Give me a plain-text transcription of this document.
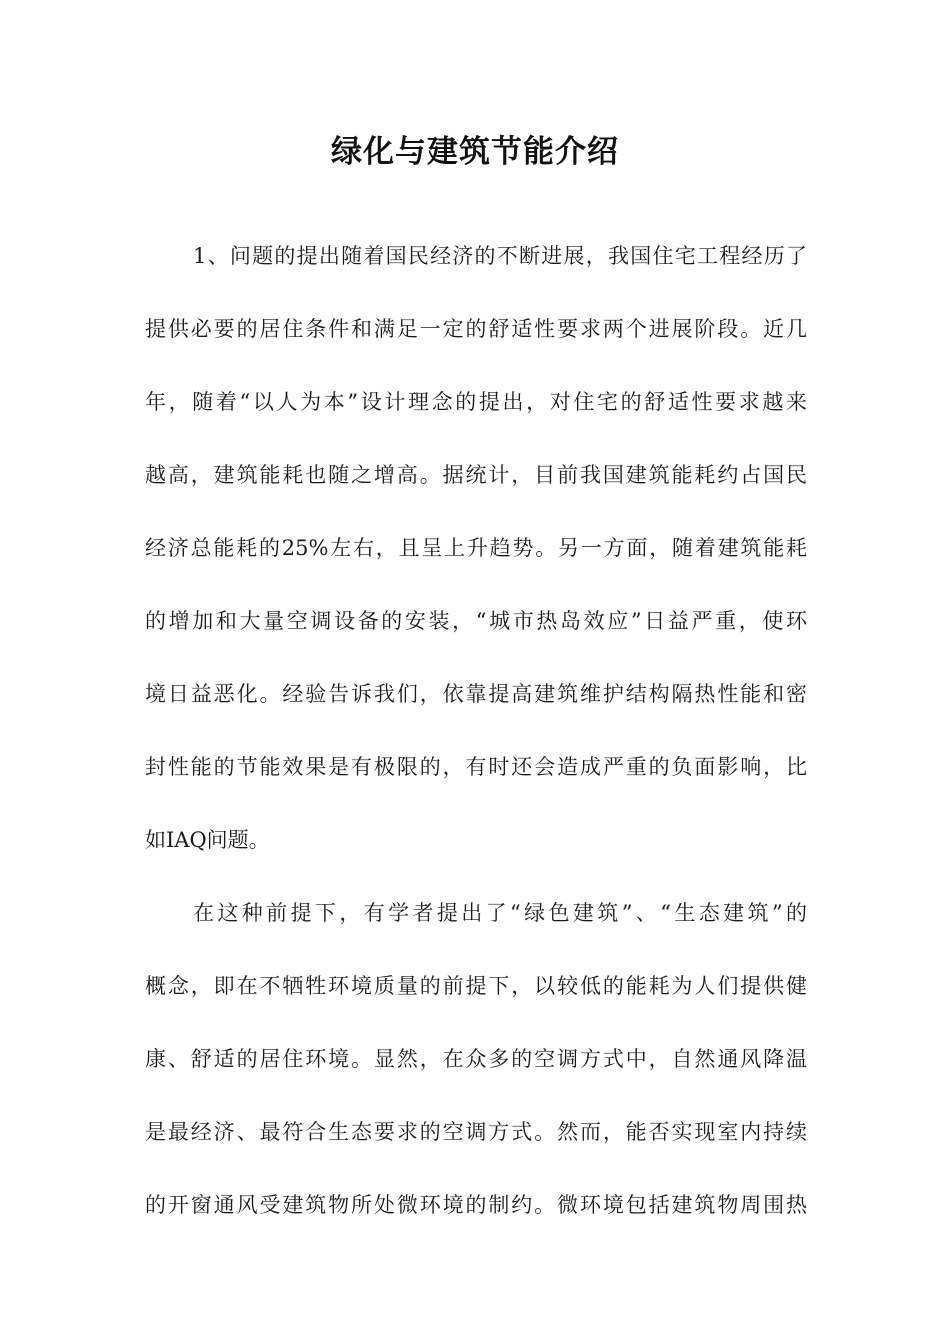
绿化与建筑节能介绍
1、问题的提出随着国民经济的不断进展，我国住宅工程经历了
提供必要的居住条件和满足一定的舒适性要求两个进展阶段。近几
年，随着“以人为本”设计理念的提出，对住宅的舒适性要求越来
越高，建筑能耗也随之增高。据统计，目前我国建筑能耗约占国民
经济总能耗的25%左右，且呈上升趋势。另一方面，随着建筑能耗
的增加和大量空调设备的安装，“城市热岛效应”日益严重，使环
境日益恶化。经验告诉我们，依靠提高建筑维护结构隔热性能和密
封性能的节能效果是有极限的，有时还会造成严重的负面影响，比
如IAQ问题。
在这种前提下，有学者提出了“绿色建筑”、“生态建筑”的
概念，即在不牺牲环境质量的前提下，以较低的能耗为人们提供健
康、舒适的居住环境。显然，在众多的空调方式中，自然通风降温
是最经济、最符合生态要求的空调方式。然而，能否实现室内持续
的开窗通风受建筑物所处微环境的制约。微环境包括建筑物周围热
